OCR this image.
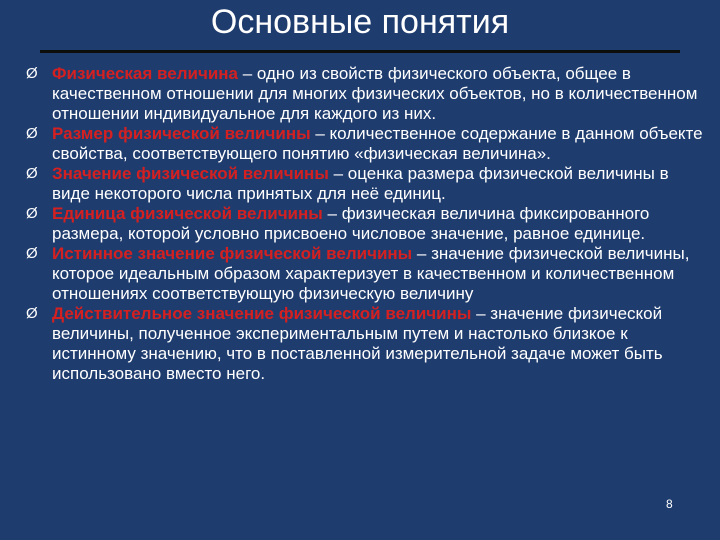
Основные понятия
Ø Физическая величина – одно из свойств физического объекта, общее в качественном отношении для многих физических объектов, но в количественном отношении индивидуальное для каждого из них.
Ø Размер физической величины – количественное содержание в данном объекте свойства, соответствующего понятию «физическая величина».
Ø Значение физической величины – оценка размера физической величины в виде некоторого числа принятых для неё единиц.
Ø Единица физической величины – физическая величина фиксированного размера, которой условно присвоено числовое значение, равное единице.
Ø Истинное значение физической величины – значение физической величины, которое идеальным образом характеризует в качественном и количественном отношениях соответствующую физическую величину
Ø Действительное значение физической величины – значение физической величины, полученное экспериментальным путем и настолько близкое к истинному значению, что в поставленной измерительной задаче может быть использовано вместо него.
8
